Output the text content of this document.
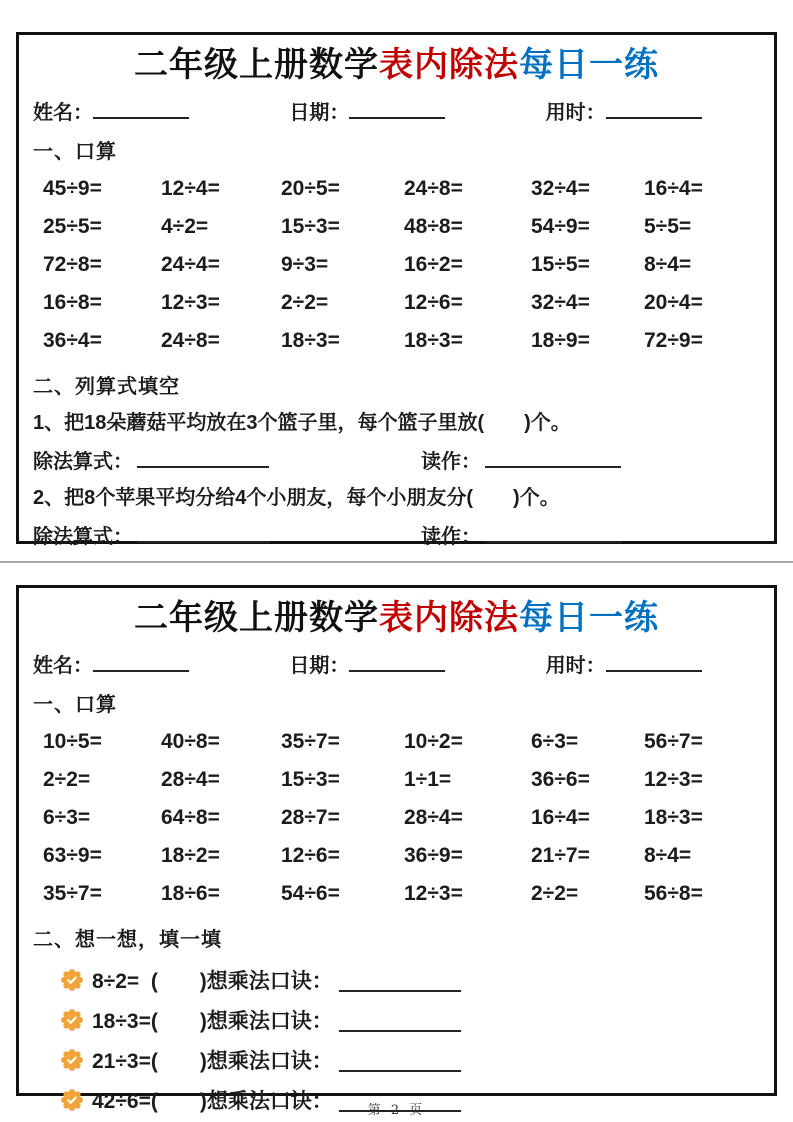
二年级上册数学表内除法每日一练
姓名：	日期：	用时：
一、口算
45÷9=	12÷4=	20÷5=	24÷8=	32÷4=	16÷4=
25÷5=	4÷2=	15÷3=	48÷8=	54÷9=	5÷5=
72÷8=	24÷4=	9÷3=	16÷2=	15÷5=	8÷4=
16÷8=	12÷3=	2÷2=	12÷6=	32÷4=	20÷4=
36÷4=	24÷8=	18÷3=	18÷3=	18÷9=	72÷9=
二、列算式填空
1、把18朵蘑菇平均放在3个篮子里，每个篮子里放(　　)个。
除法算式：	读作：
2、把8个苹果平均分给4个小朋友，每个小朋友分(　　)个。
除法算式：	读作：
二年级上册数学表内除法每日一练
姓名：	日期：	用时：
一、口算
10÷5=	40÷8=	35÷7=	10÷2=	6÷3=	56÷7=
2÷2=	28÷4=	15÷3=	1÷1=	36÷6=	12÷3=
6÷3=	64÷8=	28÷7=	28÷4=	16÷4=	18÷3=
63÷9=	18÷2=	12÷6=	36÷9=	21÷7=	8÷4=
35÷7=	18÷6=	54÷6=	12÷3=	2÷2=	56÷8=
二、想一想，填一填
8÷2=  (　　)想乘法口诀：
18÷3=(　　)想乘法口诀：
21÷3=(　　)想乘法口诀：
42÷6=(　　)想乘法口诀：	第 2 页
